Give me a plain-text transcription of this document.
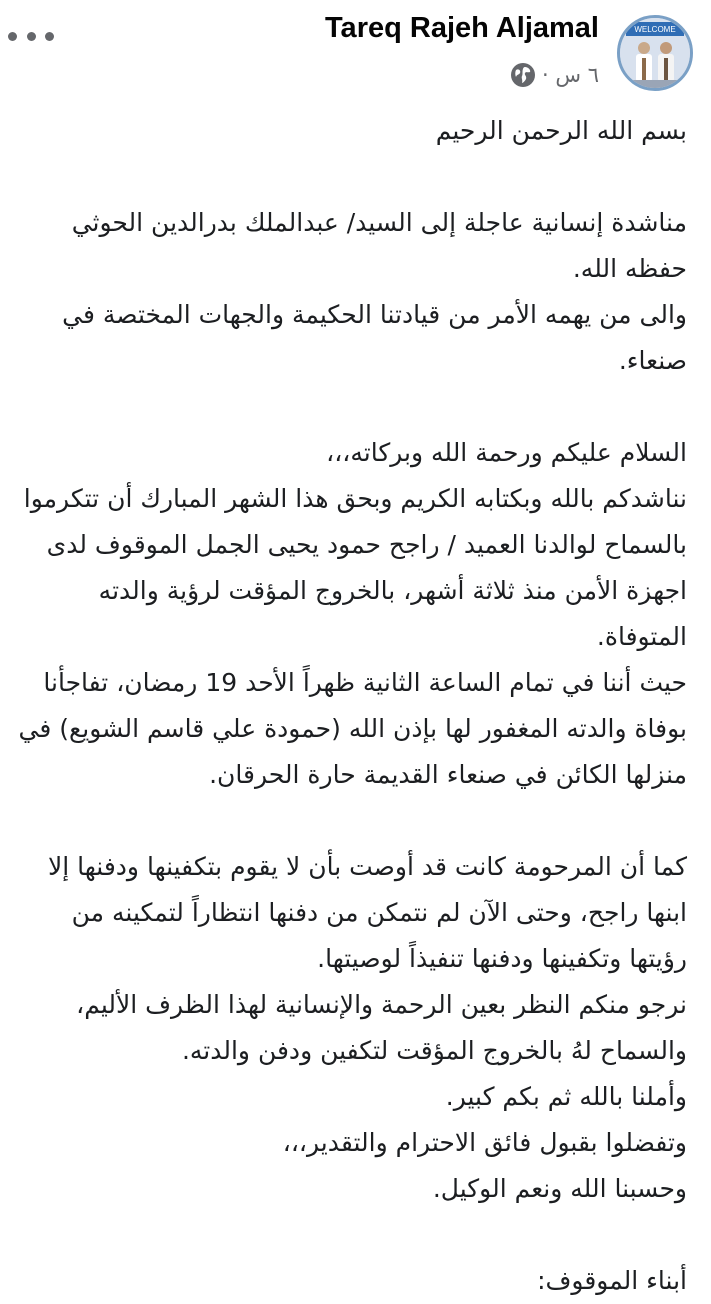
Tareq Rajeh Aljamal
٦ س ·
WELCOME
بسم الله الرحمن الرحيم
مناشدة إنسانية عاجلة إلى السيد/ عبدالملك بدرالدين الحوثي
حفظه الله.
والى من يهمه الأمر من قيادتنا الحكيمة والجهات المختصة في
صنعاء.
السلام عليكم ورحمة الله وبركاته،،،
نناشدكم بالله وبكتابه الكريم وبحق هذا الشهر المبارك أن تتكرموا
بالسماح لوالدنا العميد / راجح حمود يحيى الجمل الموقوف لدى
اجهزة الأمن منذ ثلاثة أشهر، بالخروج المؤقت لرؤية والدته
المتوفاة.
حيث أننا في تمام الساعة الثانية ظهراً الأحد 19 رمضان، تفاجأنا
بوفاة والدته المغفور لها بإذن الله (حمودة علي قاسم الشويع) في
منزلها الكائن في صنعاء القديمة حارة الحرقان.
كما أن المرحومة كانت قد أوصت بأن لا يقوم بتكفينها ودفنها إلا
ابنها راجح، وحتى الآن لم نتمكن من دفنها انتظاراً لتمكينه من
رؤيتها وتكفينها ودفنها تنفيذاً لوصيتها.
نرجو منكم النظر بعين الرحمة والإنسانية لهذا الظرف الأليم،
والسماح لهُ بالخروج المؤقت لتكفين ودفن والدته.
وأملنا بالله ثم بكم كبير.
وتفضلوا بقبول فائق الاحترام والتقدير،،،
وحسبنا الله ونعم الوكيل.
أبناء الموقوف:
